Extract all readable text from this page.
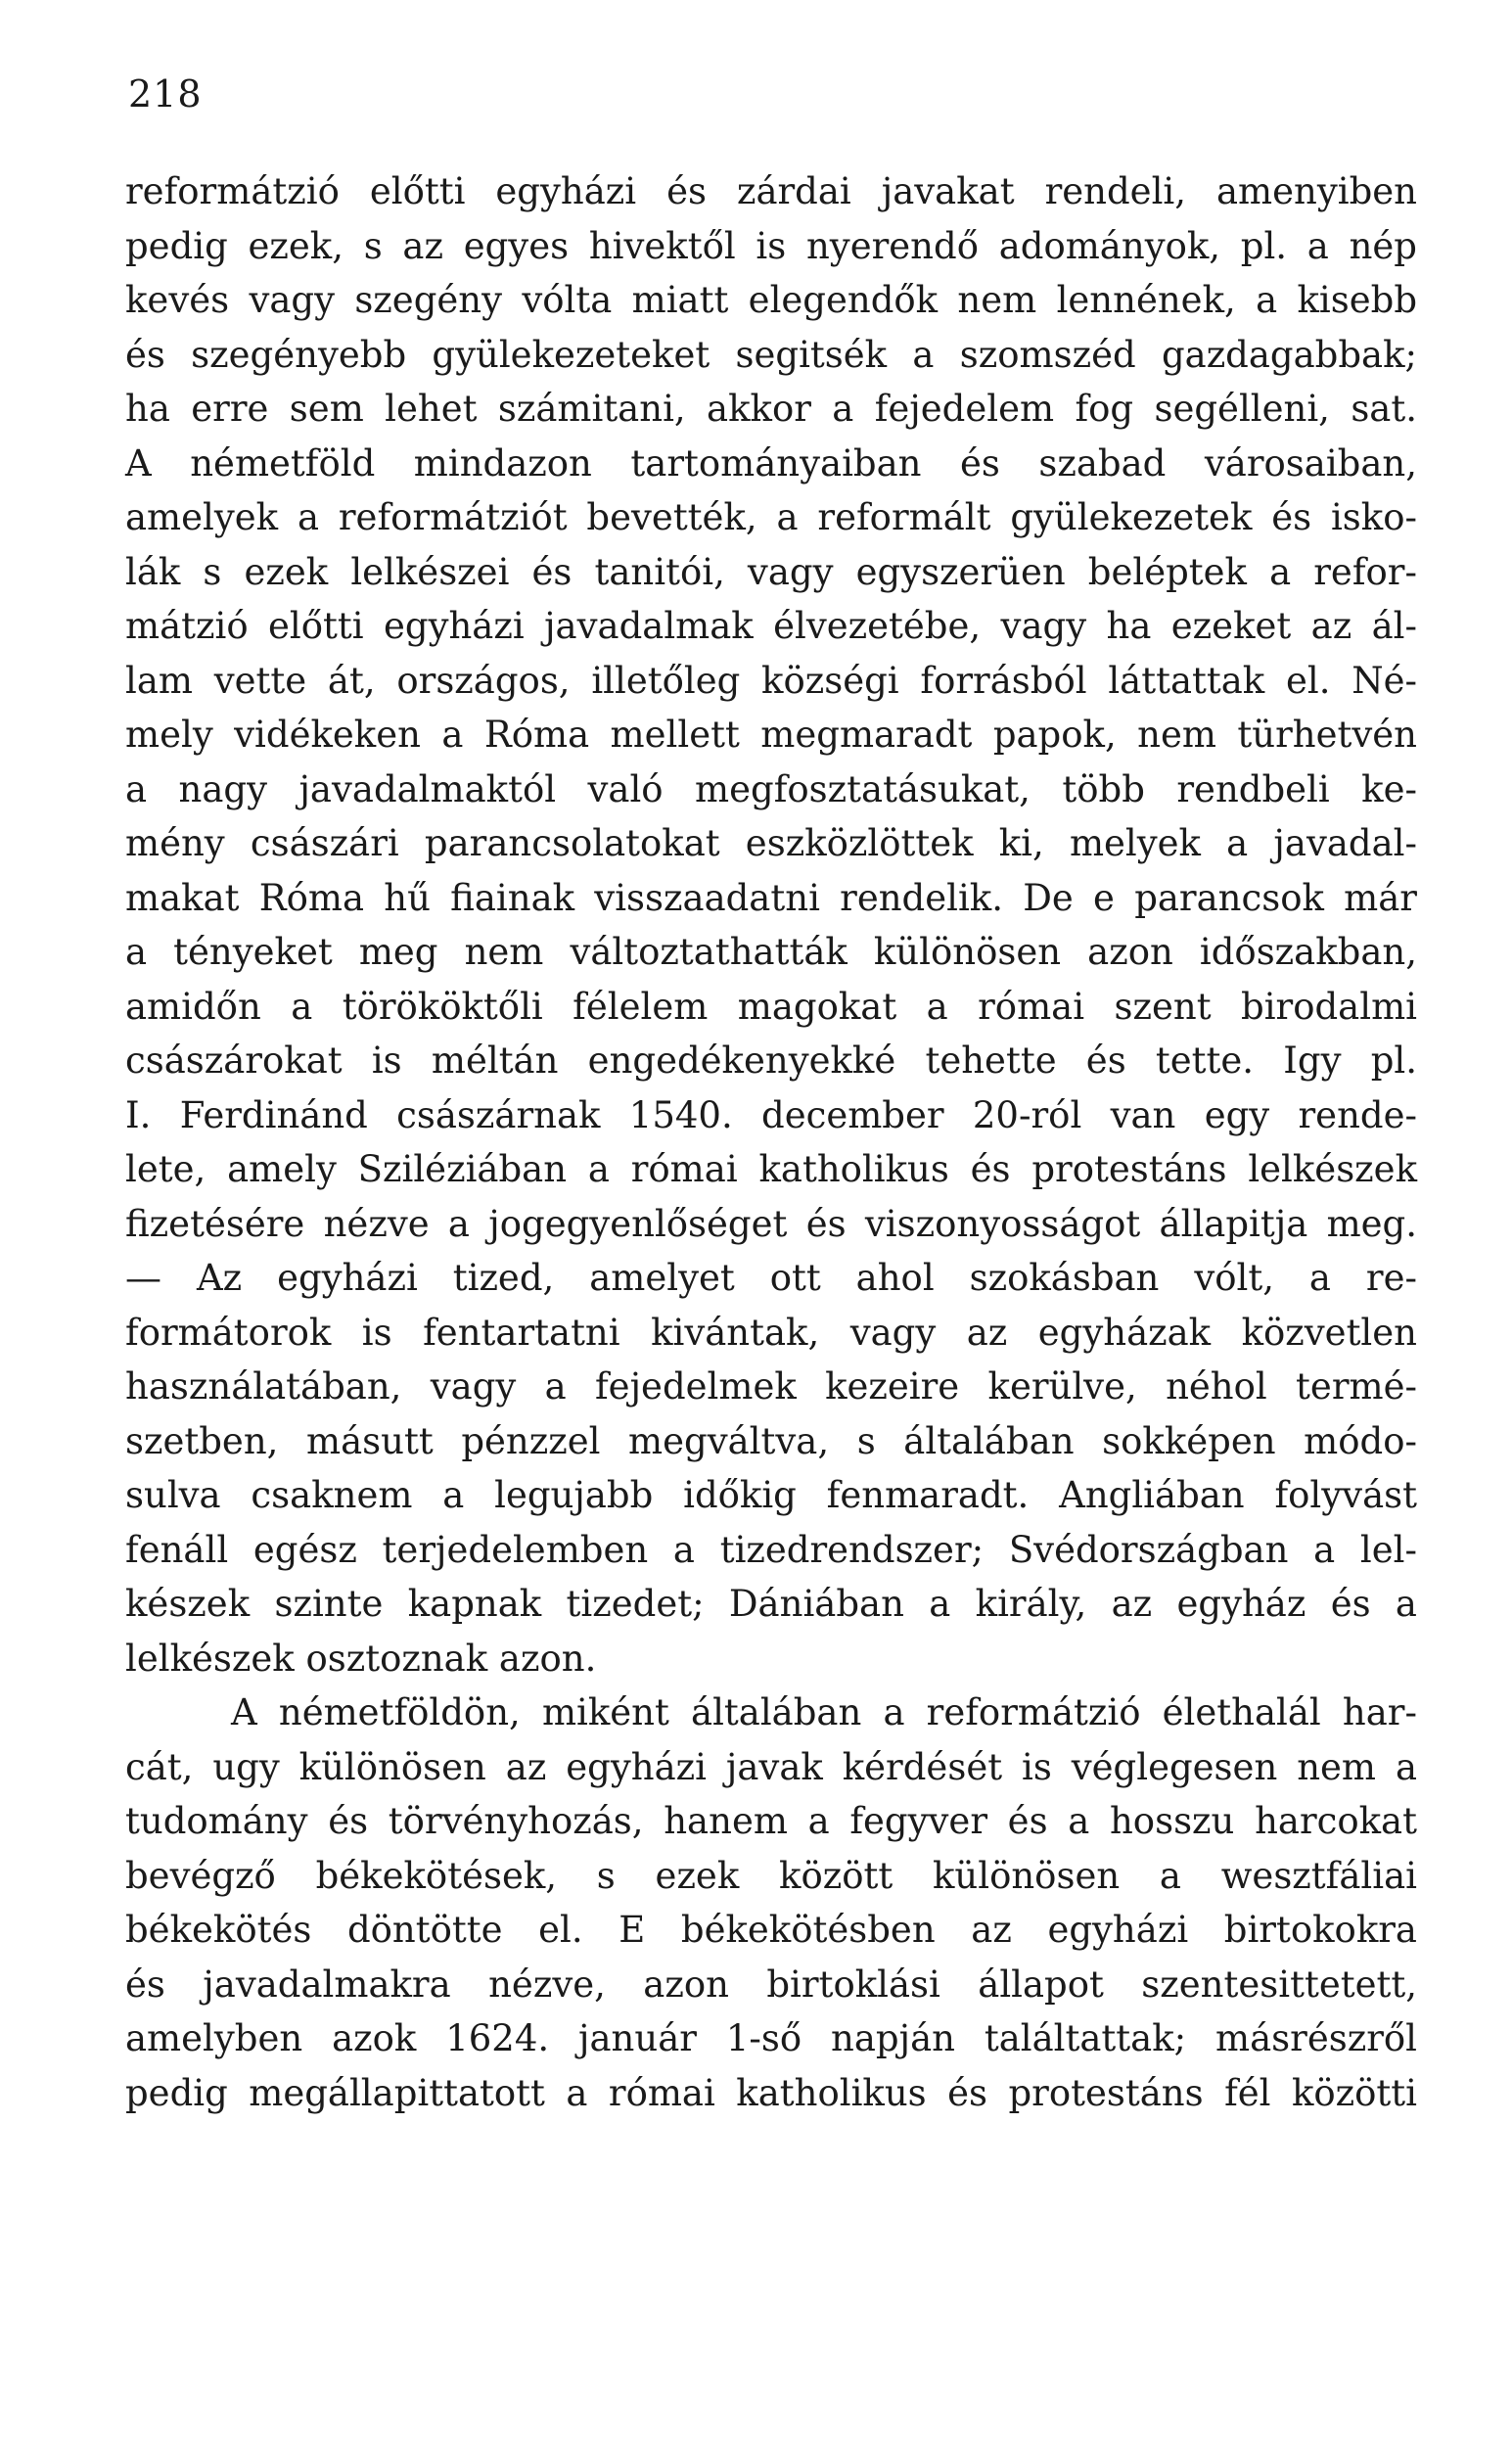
218
reformátzió előtti egyházi és zárdai javakat rendeli, amenyiben
pedig ezek, s az egyes hivektől is nyerendő adományok, pl. a nép
kevés vagy szegény vólta miatt elegendők nem lennének, a kisebb
és szegényebb gyülekezeteket segitsék a szomszéd gazdagabbak;
ha erre sem lehet számitani, akkor a fejedelem fog segélleni, sat.
A németföld mindazon tartományaiban és szabad városaiban,
amelyek a reformátziót bevették, a reformált gyülekezetek és isko-
lák s ezek lelkészei és tanitói, vagy egyszerüen beléptek a refor-
mátzió előtti egyházi javadalmak élvezetébe, vagy ha ezeket az ál-
lam vette át, országos, illetőleg községi forrásból láttattak el. Né-
mely vidékeken a Róma mellett megmaradt papok, nem türhetvén
a nagy javadalmaktól való megfosztatásukat, több rendbeli ke-
mény császári parancsolatokat eszközlöttek ki, melyek a javadal-
makat Róma hű fiainak visszaadatni rendelik. De e parancsok már
a tényeket meg nem változtathatták különösen azon időszakban,
amidőn a törököktőli félelem magokat a római szent birodalmi
császárokat is méltán engedékenyekké tehette és tette. Igy pl.
I. Ferdinánd császárnak 1540. december 20-ról van egy rende-
lete, amely Sziléziában a római katholikus és protestáns lelkészek
fizetésére nézve a jogegyenlőséget és viszonyosságot állapitja meg.
— Az egyházi tized, amelyet ott ahol szokásban vólt, a re-
formátorok is fentartatni kivántak, vagy az egyházak közvetlen
használatában, vagy a fejedelmek kezeire kerülve, néhol termé-
szetben, másutt pénzzel megváltva, s általában sokképen módo-
sulva csaknem a legujabb időkig fenmaradt. Angliában folyvást
fenáll egész terjedelemben a tizedrendszer; Svédországban a lel-
készek szinte kapnak tizedet; Dániában a király, az egyház és a
lelkészek osztoznak azon.
A németföldön, miként általában a reformátzió élethalál har-
cát, ugy különösen az egyházi javak kérdését is véglegesen nem a
tudomány és törvényhozás, hanem a fegyver és a hosszu harcokat
bevégző békekötések, s ezek között különösen a wesztfáliai
békekötés döntötte el. E békekötésben az egyházi birtokokra
és javadalmakra nézve, azon birtoklási állapot szentesittetett,
amelyben azok 1624. január 1-ső napján találtattak; másrészről
pedig megállapittatott a római katholikus és protestáns fél közötti
